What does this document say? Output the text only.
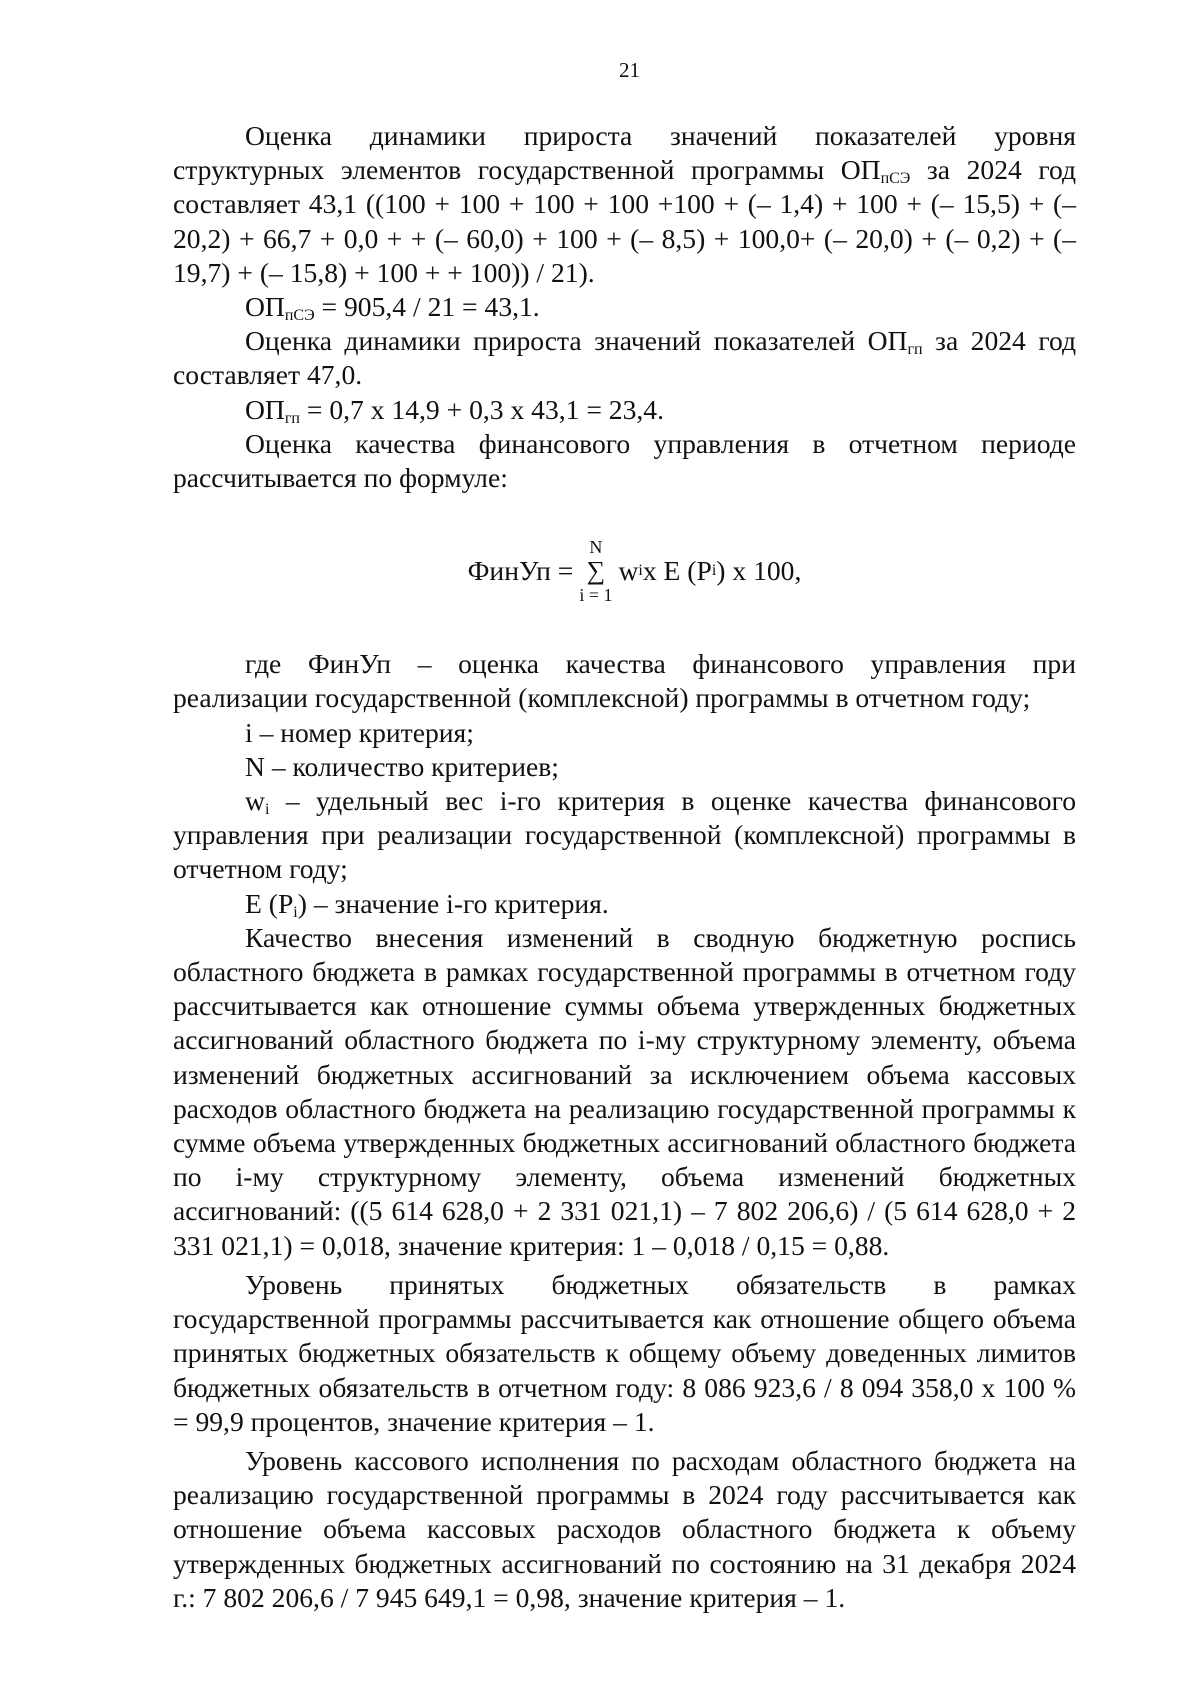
21

Оценка динамики прироста значений показателей уровня структурных элементов государственной программы $ОП_{пСЭ}$ за 2024 год составляет 43,1 ((100 + 100 + 100 + 100 +100 + (– 1,4) + 100 + (– 15,5) + (– 20,2) + 66,7 + 0,0 + + (– 60,0) + 100 + (– 8,5) + 100,0+ (– 20,0) + (– 0,2) + (– 19,7) + (– 15,8) + 100 + + 100)) / 21).

$ОП_{пСЭ} = 905,4 / 21 = 43,1$.

Оценка динамики прироста значений показателей $ОП_{гп}$ за 2024 год составляет 47,0.

$ОП_{гп} = 0,7$ x 14,9 + 0,3 x 43,1 = 23,4.

Оценка качества финансового управления в отчетном периоде рассчитывается по формуле:

ФинУп =
N
∑
i = 1
w i x E (P i ) x 100,

где ФинУп – оценка качества финансового управления при реализации государственной (комплексной) программы в отчетном году;

i – номер критерия;

N – количество критериев;

$w_i$ – удельный вес i-го критерия в оценке качества финансового управления при реализации государственной (комплексной) программы в отчетном году;

E $(P_i)$ – значение i-го критерия.

Качество внесения изменений в сводную бюджетную роспись областного бюджета в рамках государственной программы в отчетном году рассчитывается как отношение суммы объема утвержденных бюджетных ассигнований областного бюджета по i-му структурному элементу, объема изменений бюджетных ассигнований за исключением объема кассовых расходов областного бюджета на реализацию государственной программы к сумме объема утвержденных бюджетных ассигнований областного бюджета по i-му структурному элементу, объема изменений бюджетных ассигнований: ((5 614 628,0 + 2 331 021,1) – 7 802 206,6) / (5 614 628,0 + 2 331 021,1) = 0,018, значение критерия: 1 – 0,018 / 0,15 = 0,88.

Уровень принятых бюджетных обязательств в рамках государственной программы рассчитывается как отношение общего объема принятых бюджетных обязательств к общему объему доведенных лимитов бюджетных обязательств в отчетном году: 8 086 923,6 / 8 094 358,0 x 100 % = 99,9 процентов, значение критерия – 1.

Уровень кассового исполнения по расходам областного бюджета на реализацию государственной программы в 2024 году рассчитывается как отношение объема кассовых расходов областного бюджета к объему утвержденных бюджетных ассигнований по состоянию на 31 декабря 2024 г.: 7 802 206,6 / 7 945 649,1 = 0,98, значение критерия – 1.
